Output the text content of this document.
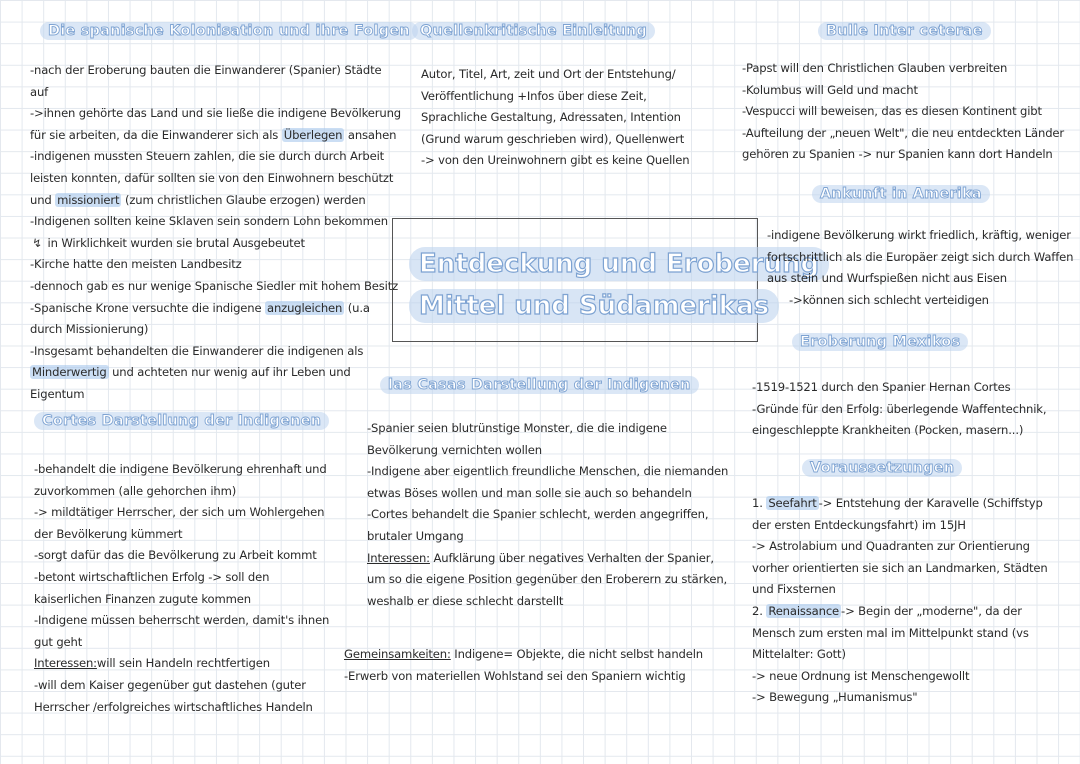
Entdeckung und Eroberung
Mittel und Südamerikas
Die spanische Kolonisation und ihre Folgen
-nach der Eroberung bauten die Einwanderer (Spanier) Städte
auf
->ihnen gehörte das Land und sie ließe die indigene Bevölkerung
für sie arbeiten, da die Einwanderer sich als Überlegen ansahen
-indigenen mussten Steuern zahlen, die sie durch durch Arbeit
leisten konnten, dafür sollten sie von den Einwohnern beschützt
und missioniert (zum christlichen Glaube erzogen) werden
-Indigenen sollten keine Sklaven sein sondern Lohn bekommen
↯ in Wirklichkeit wurden sie brutal Ausgebeutet
-Kirche hatte den meisten Landbesitz
-dennoch gab es nur wenige Spanische Siedler mit hohem Besitz
-Spanische Krone versuchte die indigene anzugleichen (u.a
durch Missionierung)
-Insgesamt behandelten die Einwanderer die indigenen als
Minderwertig und achteten nur wenig auf ihr Leben und
Eigentum
Cortes Darstellung der Indigenen
-behandelt die indigene Bevölkerung ehrenhaft und
zuvorkommen (alle gehorchen ihm)
-> mildtätiger Herrscher, der sich um Wohlergehen
der Bevölkerung kümmert
-sorgt dafür das die Bevölkerung zu Arbeit kommt
-betont wirtschaftlichen Erfolg -> soll den
kaiserlichen Finanzen zugute kommen
-Indigene müssen beherrscht werden, damit's ihnen
gut geht
Interessen:will sein Handeln rechtfertigen
-will dem Kaiser gegenüber gut dastehen (guter
Herrscher /erfolgreiches wirtschaftliches Handeln
Quellenkritische Einleitung
Autor, Titel, Art, zeit und Ort der Entstehung/
Veröffentlichung +Infos über diese Zeit,
Sprachliche Gestaltung, Adressaten, Intention
(Grund warum geschrieben wird), Quellenwert
-> von den Ureinwohnern gibt es keine Quellen
las Casas Darstellung der Indigenen
-Spanier seien blutrünstige Monster, die die indigene
Bevölkerung vernichten wollen
-Indigene aber eigentlich freundliche Menschen, die niemanden
etwas Böses wollen und man solle sie auch so behandeln
-Cortes behandelt die Spanier schlecht, werden angegriffen,
brutaler Umgang
Interessen: Aufklärung über negatives Verhalten der Spanier,
um so die eigene Position gegenüber den Eroberern zu stärken,
weshalb er diese schlecht darstellt
Gemeinsamkeiten: Indigene= Objekte, die nicht selbst handeln
-Erwerb von materiellen Wohlstand sei den Spaniern wichtig
Bulle Inter ceterae
-Papst will den Christlichen Glauben verbreiten
-Kolumbus will Geld und macht
-Vespucci will beweisen, das es diesen Kontinent gibt
-Aufteilung der „neuen Welt", die neu entdeckten Länder
gehören zu Spanien -> nur Spanien kann dort Handeln
Ankunft in Amerika
-indigene Bevölkerung wirkt friedlich, kräftig, weniger
fortschrittlich als die Europäer zeigt sich durch Waffen
aus stein und Wurfspießen nicht aus Eisen
->können sich schlecht verteidigen
Eroberung Mexikos
-1519-1521 durch den Spanier Hernan Cortes
-Gründe für den Erfolg: überlegende Waffentechnik,
eingeschleppte Krankheiten (Pocken, masern...)
Voraussetzungen
1. Seefahrt -> Entstehung der Karavelle (Schiffstyp
der ersten Entdeckungsfahrt) im 15JH
-> Astrolabium und Quadranten zur Orientierung
vorher orientierten sie sich an Landmarken, Städten
und Fixsternen
2. Renaissance -> Begin der „moderne", da der
Mensch zum ersten mal im Mittelpunkt stand (vs
Mittelalter: Gott)
-> neue Ordnung ist Menschengewollt
-> Bewegung „Humanismus"
